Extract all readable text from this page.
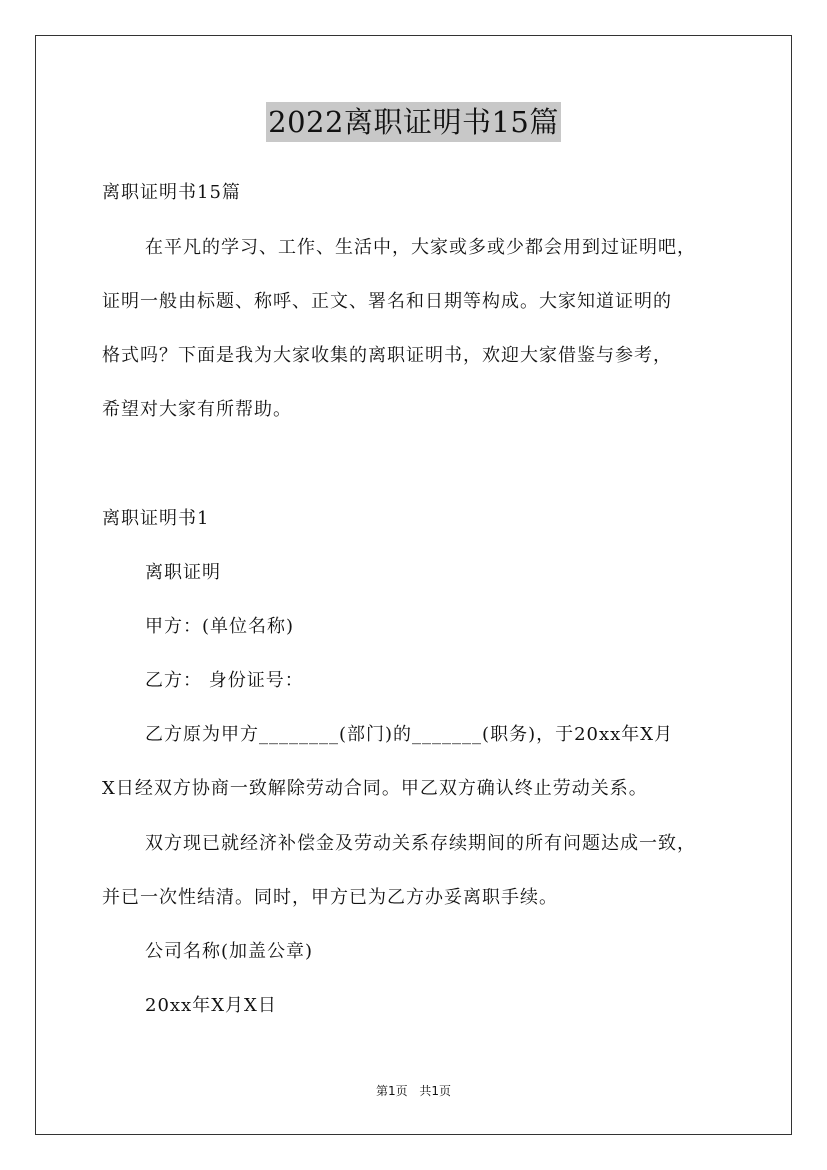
2022离职证明书15篇
离职证明书15篇
在平凡的学习、工作、生活中，大家或多或少都会用到过证明吧，
证明一般由标题、称呼、正文、署名和日期等构成。大家知道证明的
格式吗？下面是我为大家收集的离职证明书，欢迎大家借鉴与参考，
希望对大家有所帮助。
离职证明书1
离职证明
甲方：(单位名称)
乙方： 身份证号：
乙方原为甲方________(部门)的_______(职务)，于20xx年X月
X日经双方协商一致解除劳动合同。甲乙双方确认终止劳动关系。
双方现已就经济补偿金及劳动关系存续期间的所有问题达成一致，
并已一次性结清。同时，甲方已为乙方办妥离职手续。
公司名称(加盖公章)
20xx年X月X日
第1页 共1页
